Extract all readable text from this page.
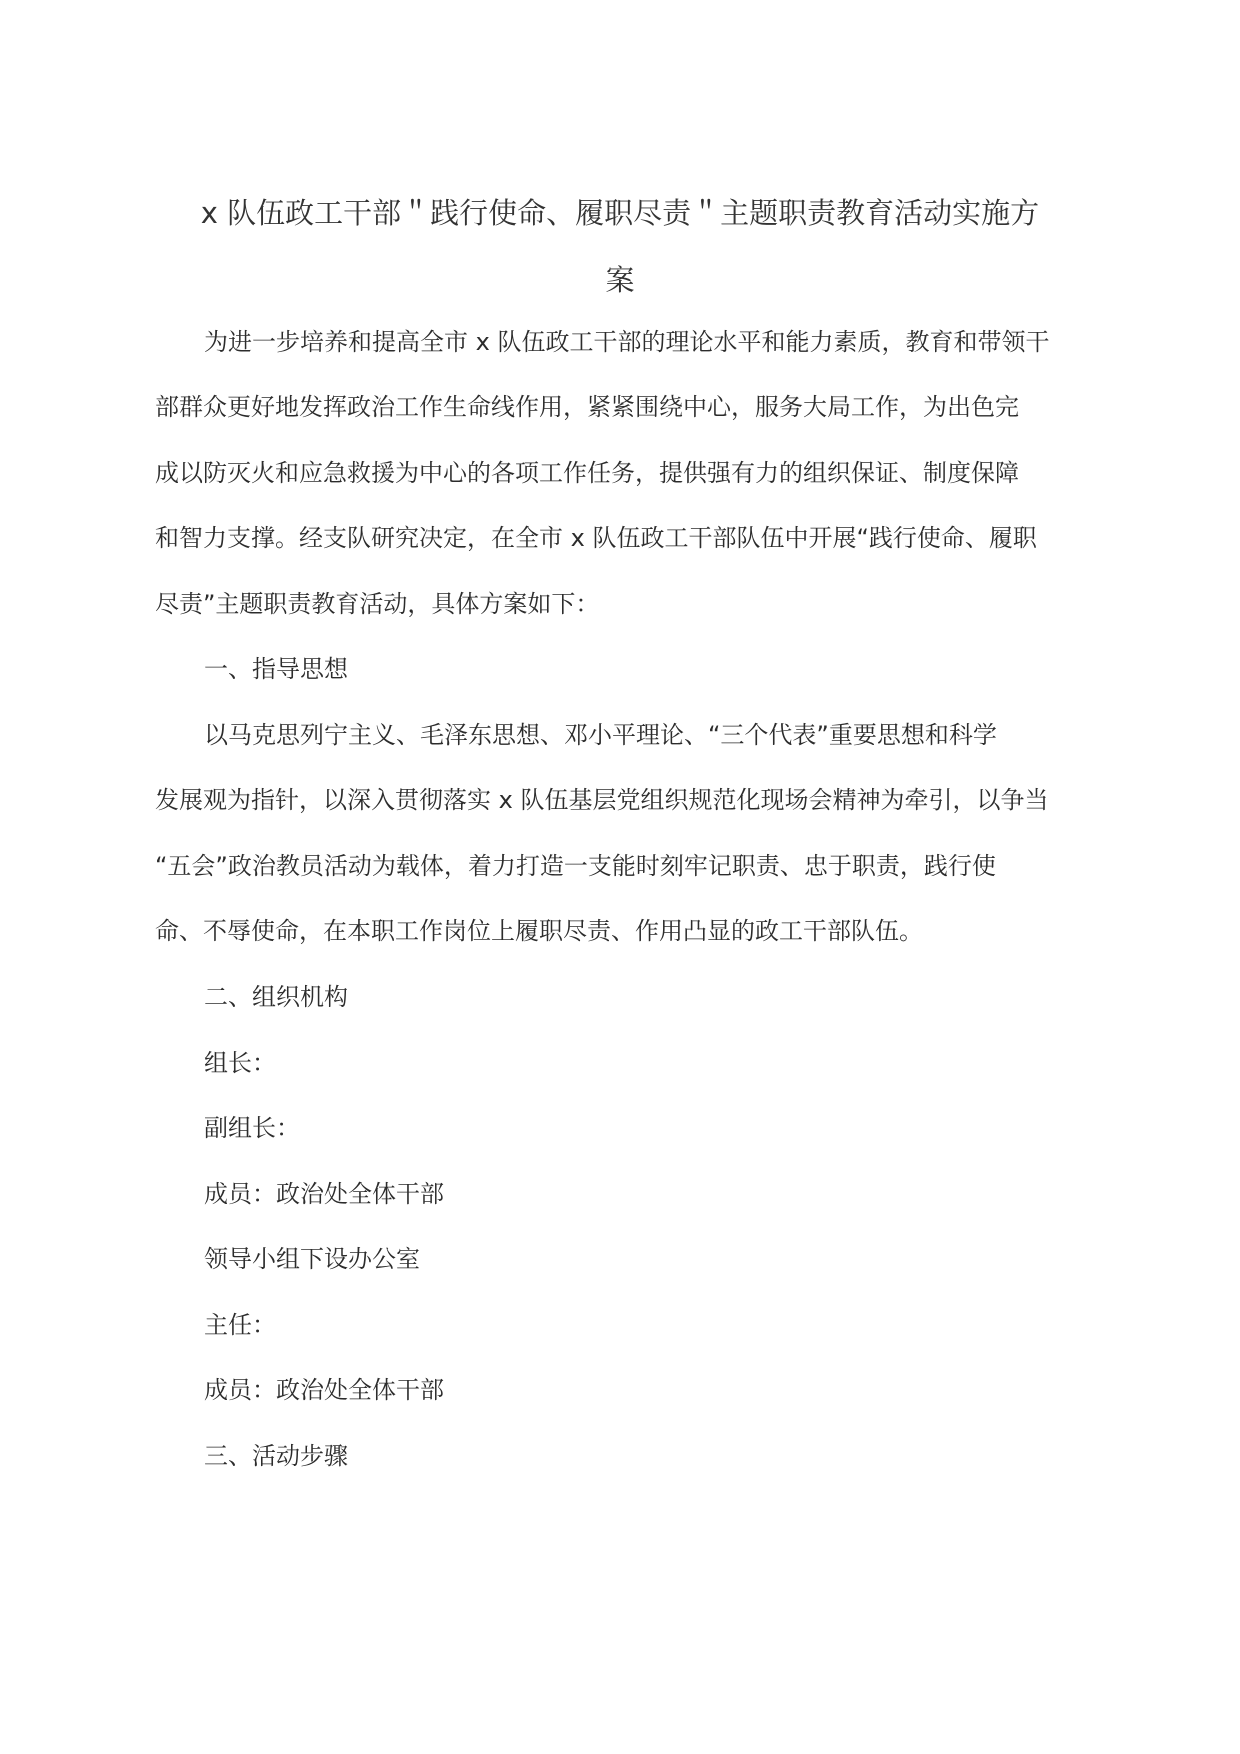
x 队伍政工干部＂践行使命、履职尽责＂主题职责教育活动实施方
案
为进一步培养和提高全市 x 队伍政工干部的理论水平和能力素质，教育和带领干
部群众更好地发挥政治工作生命线作用，紧紧围绕中心，服务大局工作，为出色完
成以防灭火和应急救援为中心的各项工作任务，提供强有力的组织保证、制度保障
和智力支撑。经支队研究决定，在全市 x 队伍政工干部队伍中开展“践行使命、履职
尽责”主题职责教育活动，具体方案如下：
一、指导思想
以马克思列宁主义、毛泽东思想、邓小平理论、“三个代表”重要思想和科学
发展观为指针，以深入贯彻落实 x 队伍基层党组织规范化现场会精神为牵引，以争当
“五会”政治教员活动为载体，着力打造一支能时刻牢记职责、忠于职责，践行使
命、不辱使命，在本职工作岗位上履职尽责、作用凸显的政工干部队伍。
二、组织机构
组长：
副组长：
成员：政治处全体干部
领导小组下设办公室
主任：
成员：政治处全体干部
三、活动步骤
